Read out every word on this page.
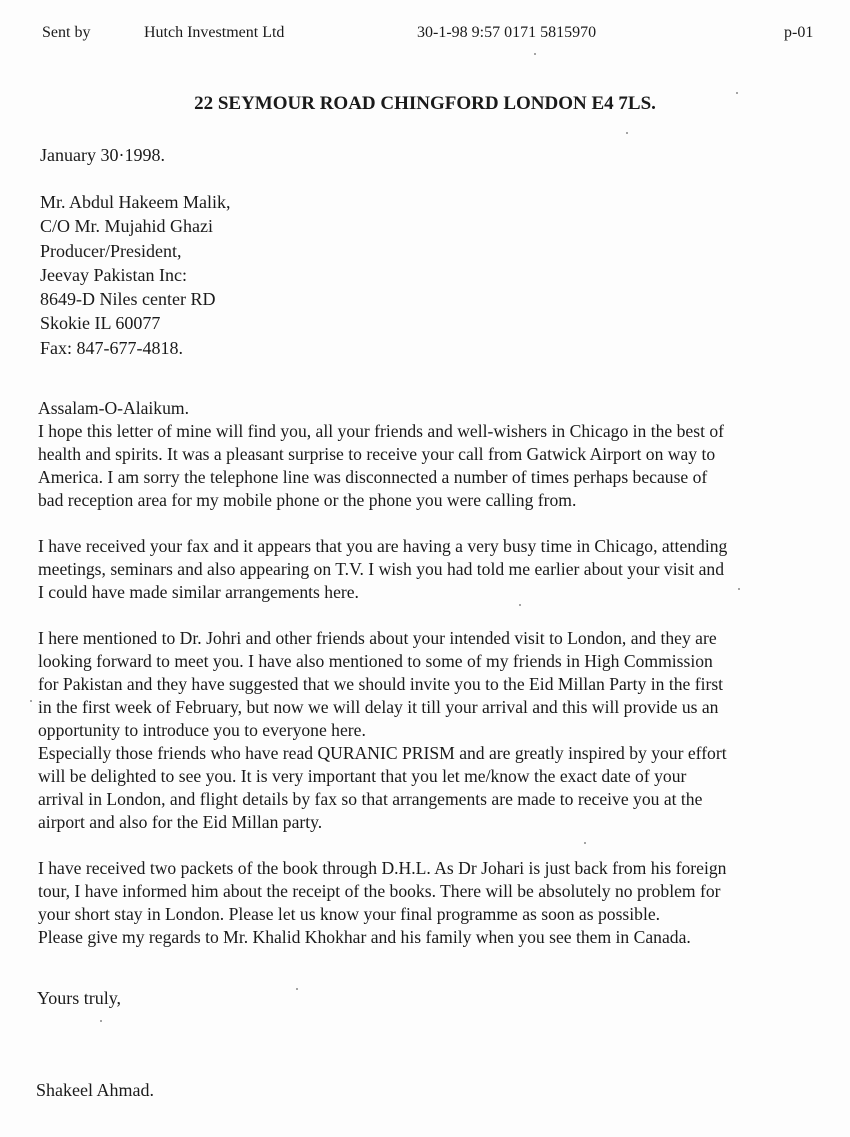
Sent by	Hutch Investment Ltd	30-1-98 9:57 0171 5815970	p-01
22 SEYMOUR ROAD CHINGFORD LONDON E4 7LS.
January 30·1998.
Mr. Abdul Hakeem Malik,
C/O Mr. Mujahid Ghazi
Producer/President,
Jeevay Pakistan Inc:
8649-D Niles center RD
Skokie IL 60077
Fax: 847-677-4818.
Assalam-O-Alaikum.
I hope this letter of mine will find you, all your friends and well-wishers in Chicago in the best of
health and spirits. It was a pleasant surprise to receive your call from Gatwick Airport on way to
America. I am sorry the telephone line was disconnected a number of times perhaps because of
bad reception area for my mobile phone or the phone you were calling from.
I have received your fax and it appears that you are having a very busy time in Chicago, attending
meetings, seminars and also appearing on T.V. I wish you had told me earlier about your visit and
I could have made similar arrangements here.
I here mentioned to Dr. Johri and other friends about your intended visit to London, and they are
looking forward to meet you. I have also mentioned to some of my friends in High Commission
for Pakistan and they have suggested that we should invite you to the Eid Millan Party in the first
in the first week of February, but now we will delay it till your arrival and this will provide us an
opportunity to introduce you to everyone here.
Especially those friends who have read QURANIC PRISM and are greatly inspired by your effort
will be delighted to see you. It is very important that you let me/know the exact date of your
arrival in London, and flight details by fax so that arrangements are made to receive you at the
airport and also for the Eid Millan party.
I have received two packets of the book through D.H.L. As Dr Johari is just back from his foreign
tour, I have informed him about the receipt of the books. There will be absolutely no problem for
your short stay in London. Please let us know your final programme as soon as possible.
Please give my regards to Mr. Khalid Khokhar and his family when you see them in Canada.
Yours truly,
Shakeel Ahmad.
